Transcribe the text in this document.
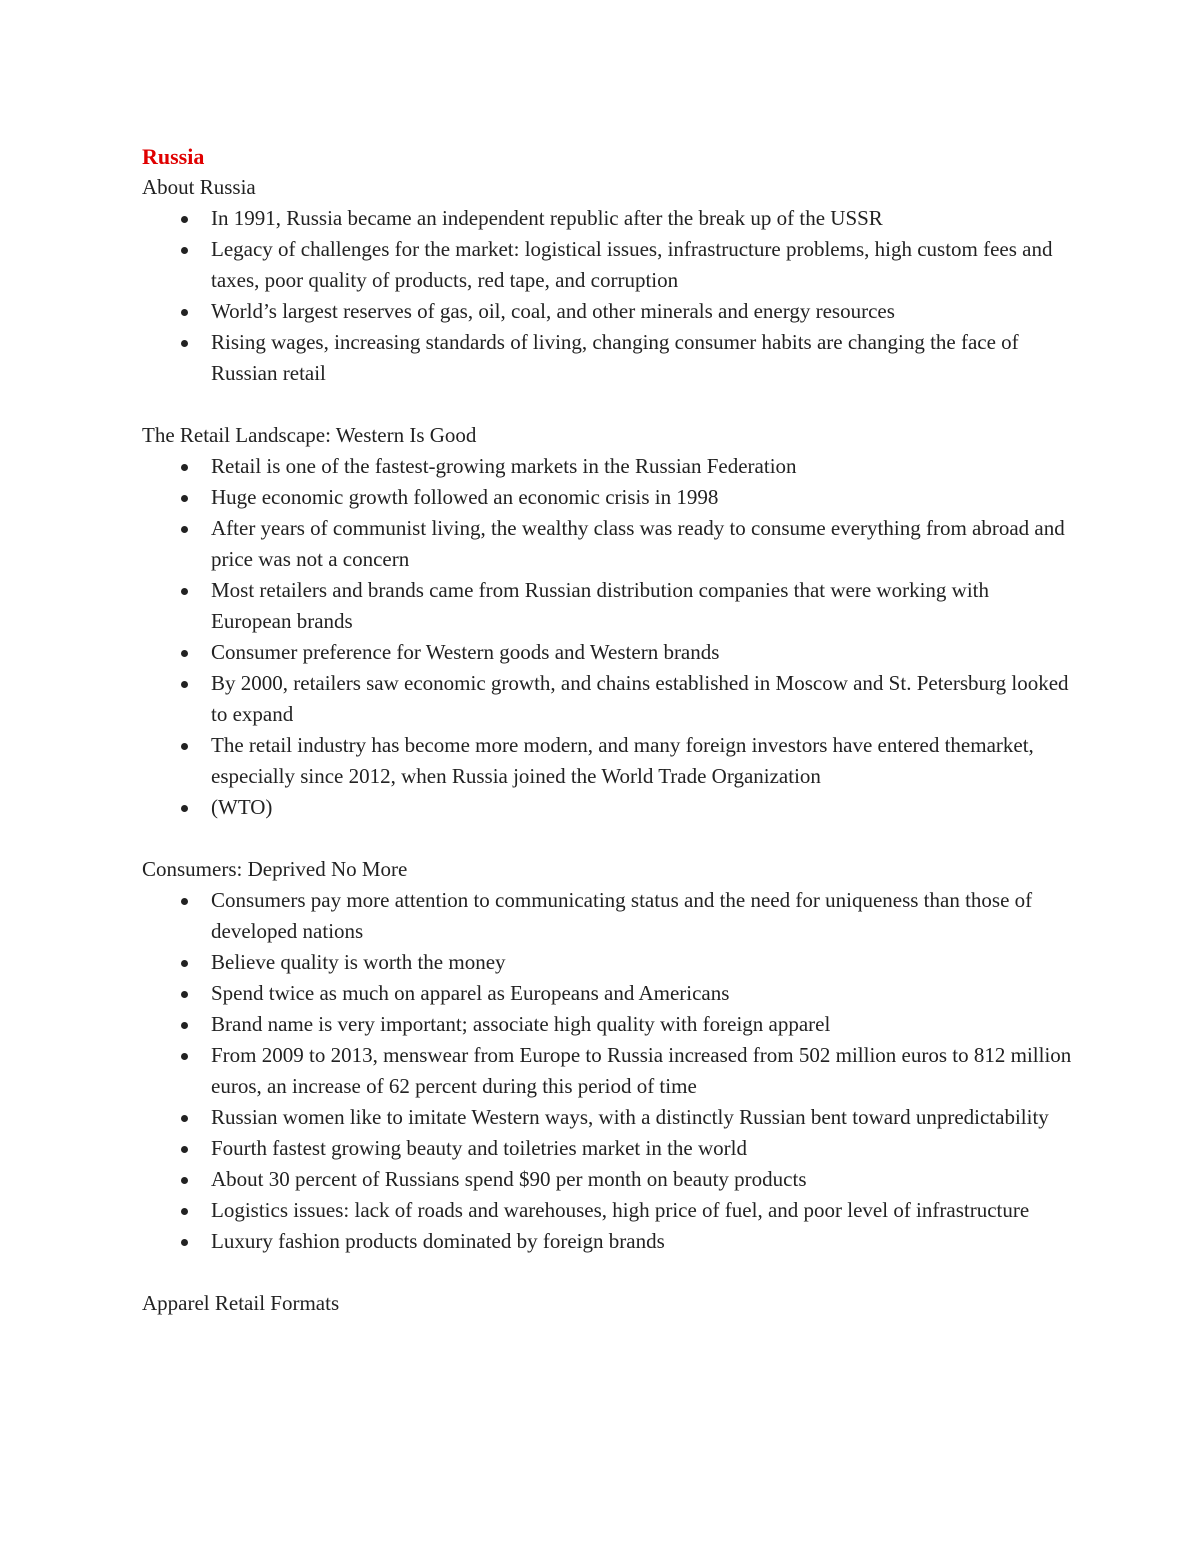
Russia

About Russia

In 1991, Russia became an independent republic after the break up of the USSR
Legacy of challenges for the market: logistical issues, infrastructure problems, high custom fees and taxes, poor quality of products, red tape, and corruption
World’s largest reserves of gas, oil, coal, and other minerals and energy resources
Rising wages, increasing standards of living, changing consumer habits are changing the face of Russian retail

The Retail Landscape: Western Is Good

Retail is one of the fastest-growing markets in the Russian Federation
Huge economic growth followed an economic crisis in 1998
After years of communist living, the wealthy class was ready to consume everything from abroad and price was not a concern
Most retailers and brands came from Russian distribution companies that were working with European brands
Consumer preference for Western goods and Western brands
By 2000, retailers saw economic growth, and chains established in Moscow and St. Petersburg looked to expand
The retail industry has become more modern, and many foreign investors have entered themarket, especially since 2012, when Russia joined the World Trade Organization
(WTO)

Consumers: Deprived No More

Consumers pay more attention to communicating status and the need for uniqueness than those of developed nations
Believe quality is worth the money
Spend twice as much on apparel as Europeans and Americans
Brand name is very important; associate high quality with foreign apparel
From 2009 to 2013, menswear from Europe to Russia increased from 502 million euros to 812 million euros, an increase of 62 percent during this period of time
Russian women like to imitate Western ways, with a distinctly Russian bent toward unpredictability
Fourth fastest growing beauty and toiletries market in the world
About 30 percent of Russians spend $90 per month on beauty products
Logistics issues: lack of roads and warehouses, high price of fuel, and poor level of infrastructure
Luxury fashion products dominated by foreign brands

Apparel Retail Formats
